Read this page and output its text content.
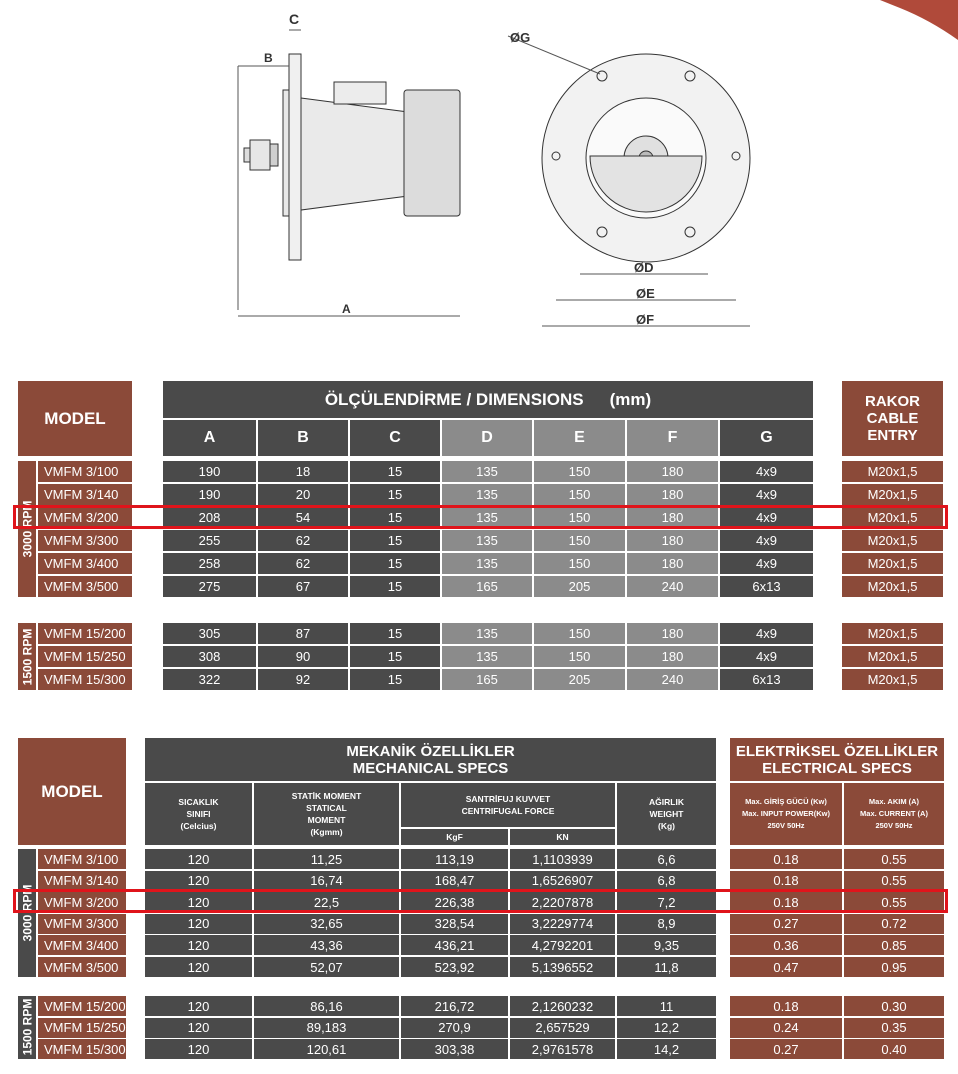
B
C
A
ØG
ØD
ØE
ØF
MODEL
ÖLÇÜLENDİRME / DIMENSIONS (mm)	RAKOR
CABLE ENTRY
A	B	C	D	E	F	G
3000 RPM
VMFM 3/100	190	18	15	135	150	180	4x9	M20x1,5
VMFM 3/140	190	20	15	135	150	180	4x9	M20x1,5
VMFM 3/200	208	54	15	135	150	180	4x9	M20x1,5
VMFM 3/300	255	62	15	135	150	180	4x9	M20x1,5
VMFM 3/400	258	62	15	135	150	180	4x9	M20x1,5
VMFM 3/500	275	67	15	165	205	240	6x13	M20x1,5
1500 RPM VMFM 15/200	305	87	15	135	150	180	4x9	M20x1,5
VMFM 15/250	308	90	15	135	150	180	4x9	M20x1,5
VMFM 15/300	322	92	15	165	205	240	6x13	M20x1,5
MODEL
MEKANİK ÖZELLİKLER
MECHANICAL SPECS
ELEKTRİKSEL ÖZELLİKLER
ELECTRICAL SPECS
SICAKLIK
SINIFI
(Celcius)
STATİK MOMENT
STATICAL
MOMENT
(Kgmm)
SANTRİFUJ KUVVET
CENTRIFUGAL FORCE
KgF	KN
AĞIRLIK
WEIGHT
(Kg)
Max. GİRİŞ GÜCÜ (Kw)
Max. INPUT POWER(Kw)
250V 50Hz
Max. AKIM (A)
Max. CURRENT (A)
250V 50Hz
3000 RPM
VMFM 3/100	120	11,25	113,19	1,1103939	6,6	0.18	0.55
VMFM 3/140	120	16,74	168,47	1,6526907	6,8	0.18	0.55
VMFM 3/200	120	22,5	226,38	2,2207878	7,2	0.18	0.55
VMFM 3/300	120	32,65	328,54	3,2229774	8,9	0.27	0.72
VMFM 3/400	120	43,36	436,21	4,2792201	9,35	0.36	0.85
VMFM 3/500	120	52,07	523,92	5,1396552	11,8	0.47	0.95
1500 RPM VMFM 15/200	120	86,16	216,72	2,1260232	11	0.18	0.30
VMFM 15/250	120	89,183	270,9	2,657529	12,2	0.24	0.35
VMFM 15/300	120	120,61	303,38	2,9761578	14,2	0.27	0.40
